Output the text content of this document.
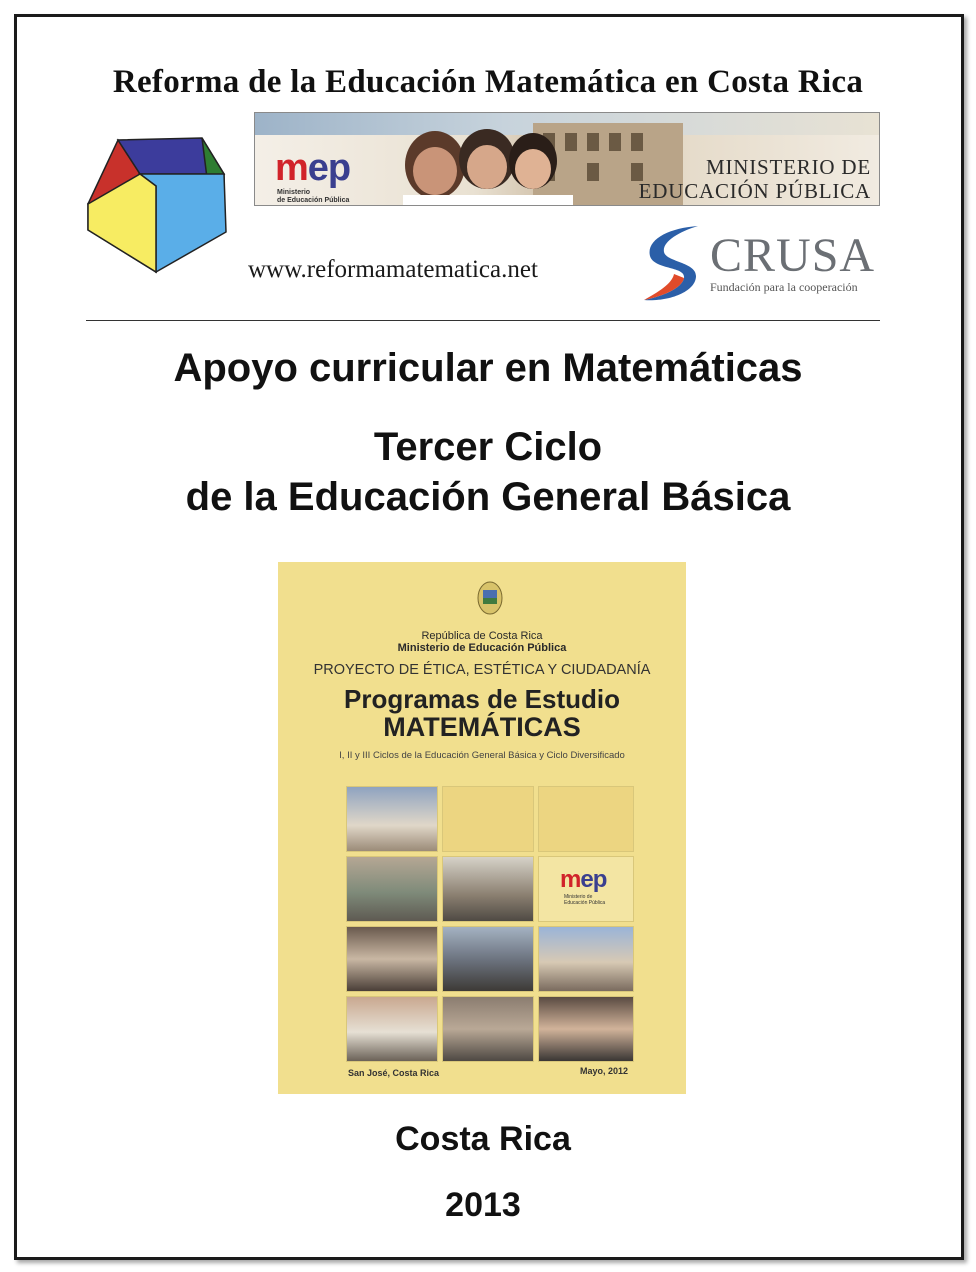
Reforma de la Educación Matemática en Costa Rica
mep
Ministerio
de Educación Pública
MINISTERIO DE
EDUCACIÓN PÚBLICA
www.reformamatematica.net	CRUSA
Fundación para la cooperación
Apoyo curricular en Matemáticas
Tercer Ciclo
de la Educación General Básica
República de Costa Rica
Ministerio de Educación Pública
PROYECTO DE ÉTICA, ESTÉTICA Y CIUDADANÍA
Programas de Estudio
MATEMÁTICAS
I, II y III Ciclos de la Educación General Básica y Ciclo Diversificado
mep
Ministerio de
Educación Pública
San José, Costa Rica	Mayo, 2012
Costa Rica
2013
